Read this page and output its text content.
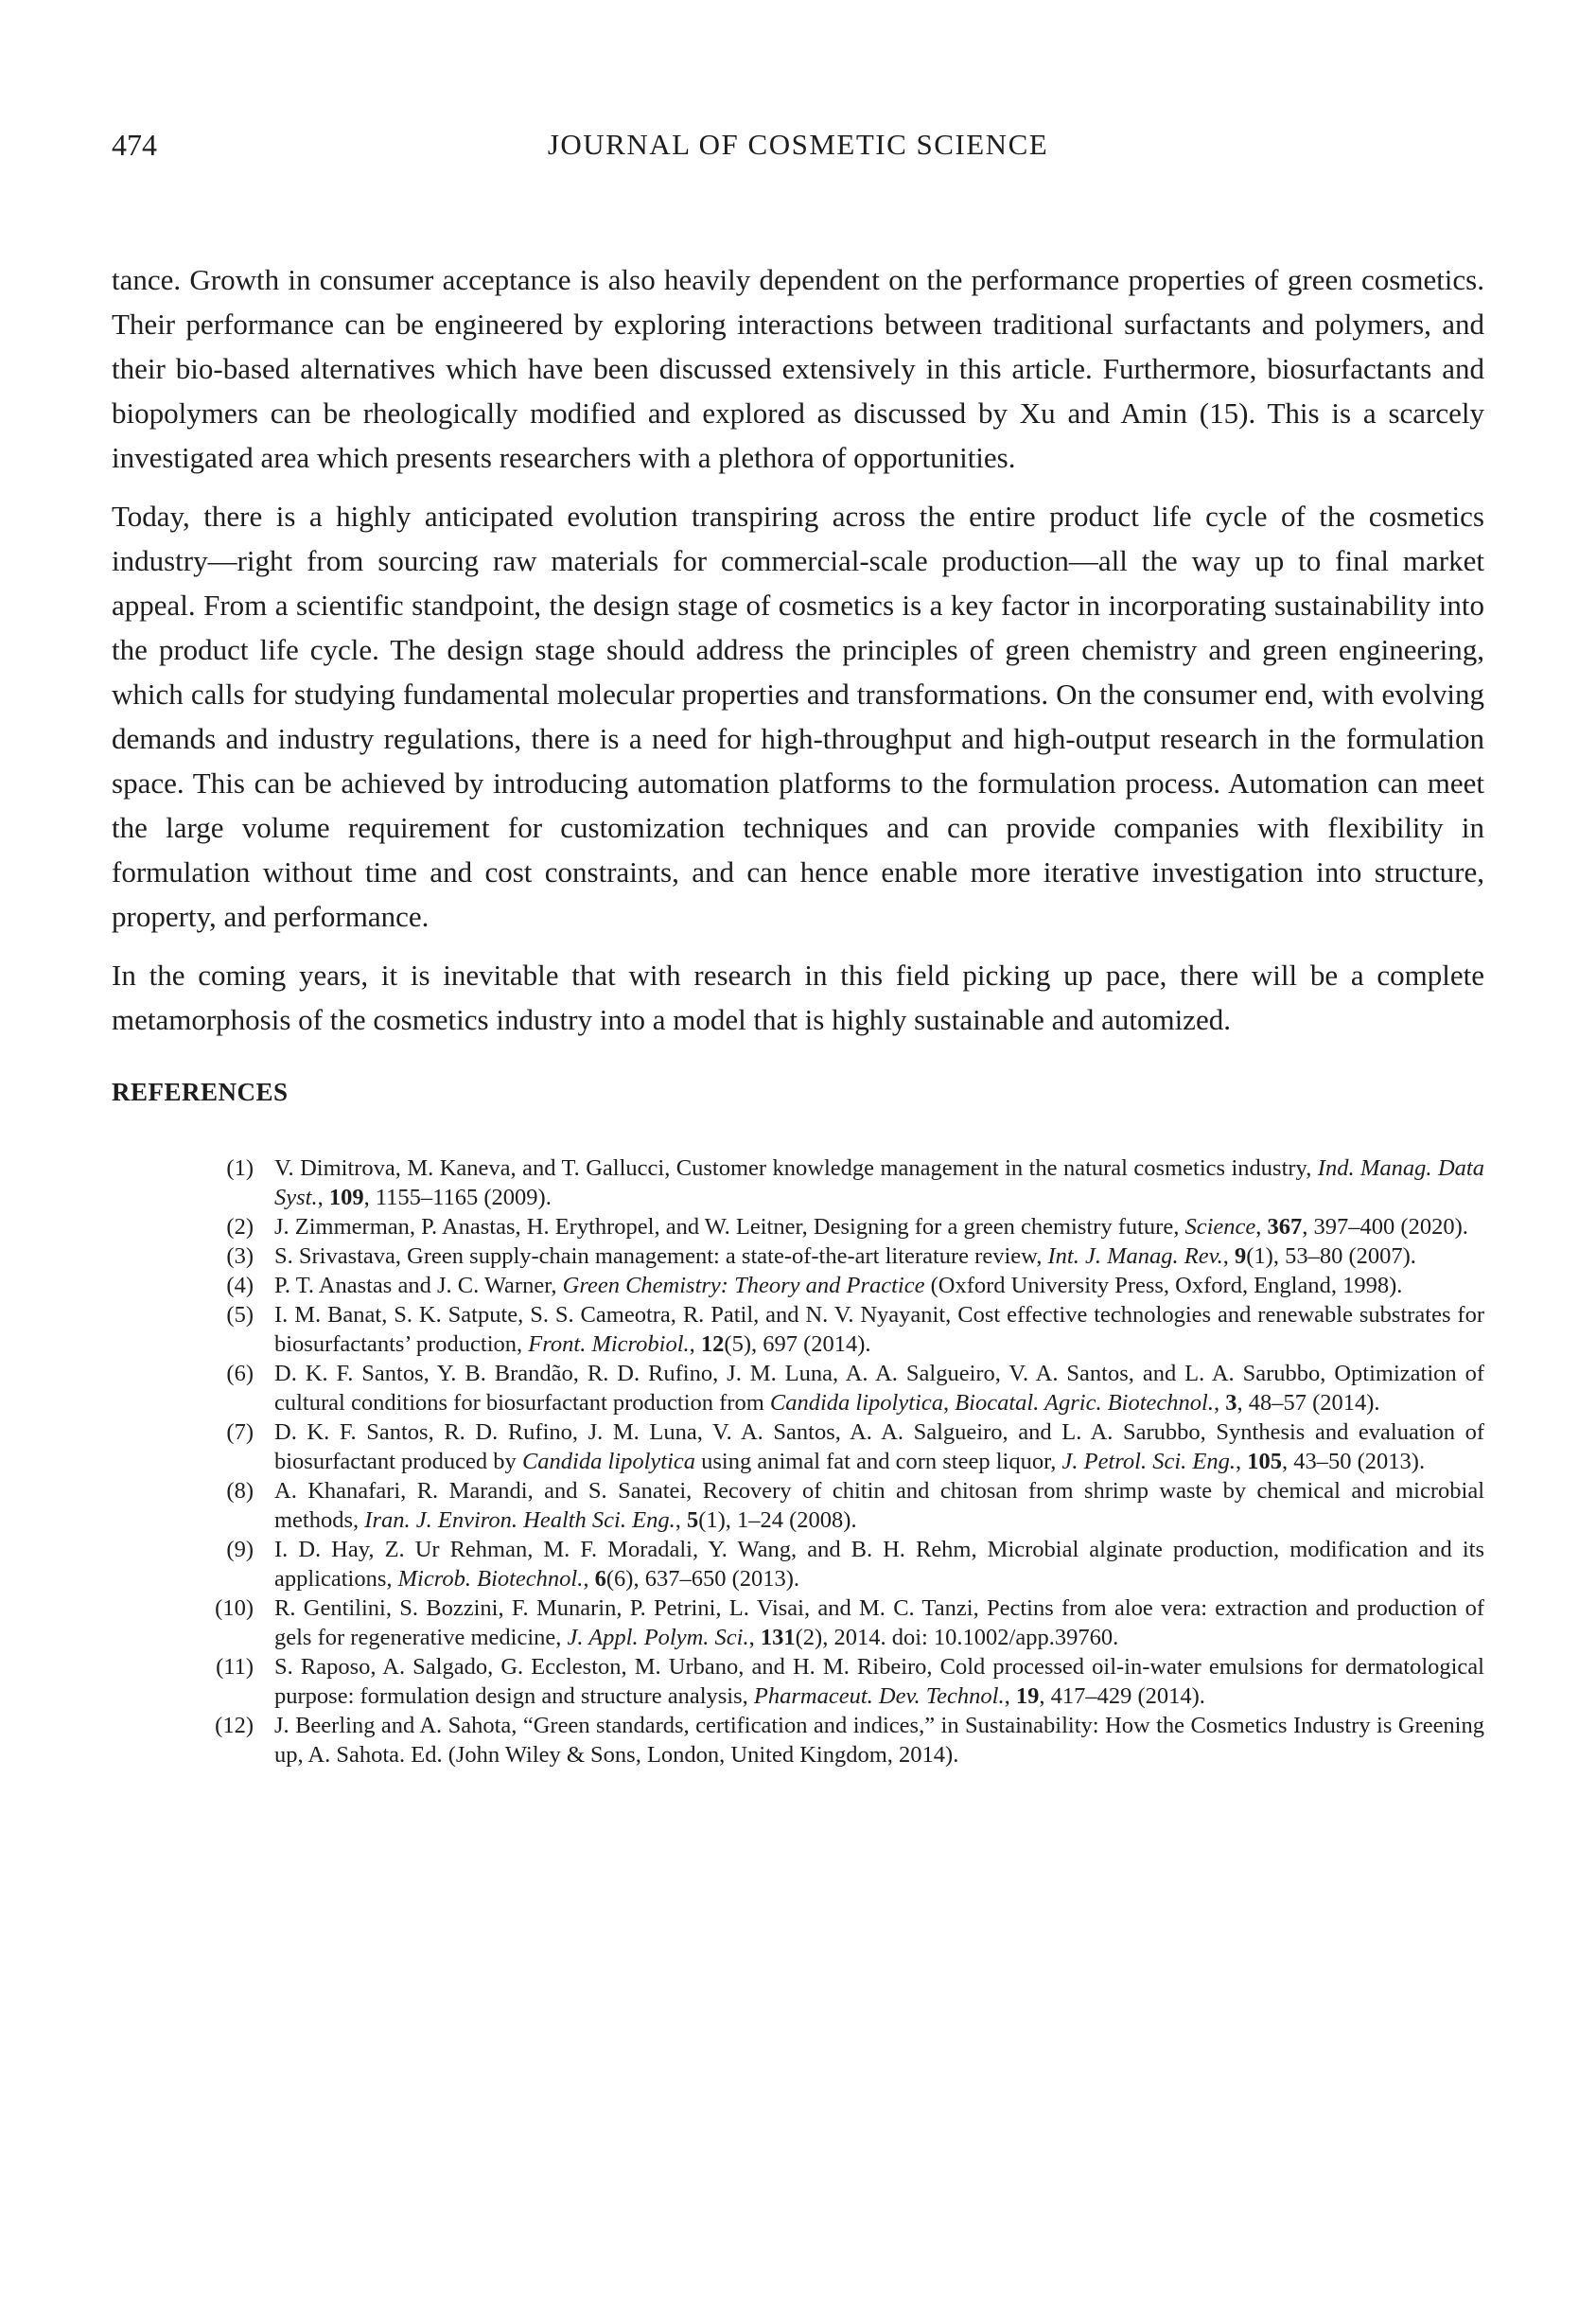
474	JOURNAL OF COSMETIC SCIENCE

tance. Growth in consumer acceptance is also heavily dependent on the performance properties of green cosmetics. Their performance can be engineered by exploring interactions between traditional surfactants and polymers, and their bio-based alternatives which have been discussed extensively in this article. Furthermore, biosurfactants and biopolymers can be rheologically modified and explored as discussed by Xu and Amin (15). This is a scarcely investigated area which presents researchers with a plethora of opportunities.

Today, there is a highly anticipated evolution transpiring across the entire product life cycle of the cosmetics industry—right from sourcing raw materials for commercial-scale production—all the way up to final market appeal. From a scientific standpoint, the design stage of cosmetics is a key factor in incorporating sustainability into the product life cycle. The design stage should address the principles of green chemistry and green engineering, which calls for studying fundamental molecular properties and transformations. On the consumer end, with evolving demands and industry regulations, there is a need for high-throughput and high-output research in the formulation space. This can be achieved by introducing automation platforms to the formulation process. Automation can meet the large volume requirement for customization techniques and can provide companies with flexibility in formulation without time and cost constraints, and can hence enable more iterative investigation into structure, property, and performance.

In the coming years, it is inevitable that with research in this field picking up pace, there will be a complete metamorphosis of the cosmetics industry into a model that is highly sustainable and automized.

REFERENCES
(1) V. Dimitrova, M. Kaneva, and T. Gallucci, Customer knowledge management in the natural cosmetics industry, Ind. Manag. Data Syst., 109, 1155–1165 (2009).
(2) J. Zimmerman, P. Anastas, H. Erythropel, and W. Leitner, Designing for a green chemistry future, Science, 367, 397–400 (2020).
(3) S. Srivastava, Green supply-chain management: a state-of-the-art literature review, Int. J. Manag. Rev., 9(1), 53–80 (2007).
(4) P. T. Anastas and J. C. Warner, Green Chemistry: Theory and Practice (Oxford University Press, Oxford, England, 1998).
(5) I. M. Banat, S. K. Satpute, S. S. Cameotra, R. Patil, and N. V. Nyayanit, Cost effective technologies and renewable substrates for biosurfactants’ production, Front. Microbiol., 12(5), 697 (2014).
(6) D. K. F. Santos, Y. B. Brandão, R. D. Rufino, J. M. Luna, A. A. Salgueiro, V. A. Santos, and L. A. Sarubbo, Optimization of cultural conditions for biosurfactant production from Candida lipolytica, Biocatal. Agric. Biotechnol., 3, 48–57 (2014).
(7) D. K. F. Santos, R. D. Rufino, J. M. Luna, V. A. Santos, A. A. Salgueiro, and L. A. Sarubbo, Synthesis and evaluation of biosurfactant produced by Candida lipolytica using animal fat and corn steep liquor, J. Petrol. Sci. Eng., 105, 43–50 (2013).
(8) A. Khanafari, R. Marandi, and S. Sanatei, Recovery of chitin and chitosan from shrimp waste by chemical and microbial methods, Iran. J. Environ. Health Sci. Eng., 5(1), 1–24 (2008).
(9) I. D. Hay, Z. Ur Rehman, M. F. Moradali, Y. Wang, and B. H. Rehm, Microbial alginate production, modification and its applications, Microb. Biotechnol., 6(6), 637–650 (2013).
(10) R. Gentilini, S. Bozzini, F. Munarin, P. Petrini, L. Visai, and M. C. Tanzi, Pectins from aloe vera: extraction and production of gels for regenerative medicine, J. Appl. Polym. Sci., 131(2), 2014. doi: 10.1002/app.39760.
(11) S. Raposo, A. Salgado, G. Eccleston, M. Urbano, and H. M. Ribeiro, Cold processed oil-in-water emulsions for dermatological purpose: formulation design and structure analysis, Pharmaceut. Dev. Technol., 19, 417–429 (2014).
(12) J. Beerling and A. Sahota, “Green standards, certification and indices,” in Sustainability: How the Cosmetics Industry is Greening up, A. Sahota. Ed. (John Wiley & Sons, London, United Kingdom, 2014).
